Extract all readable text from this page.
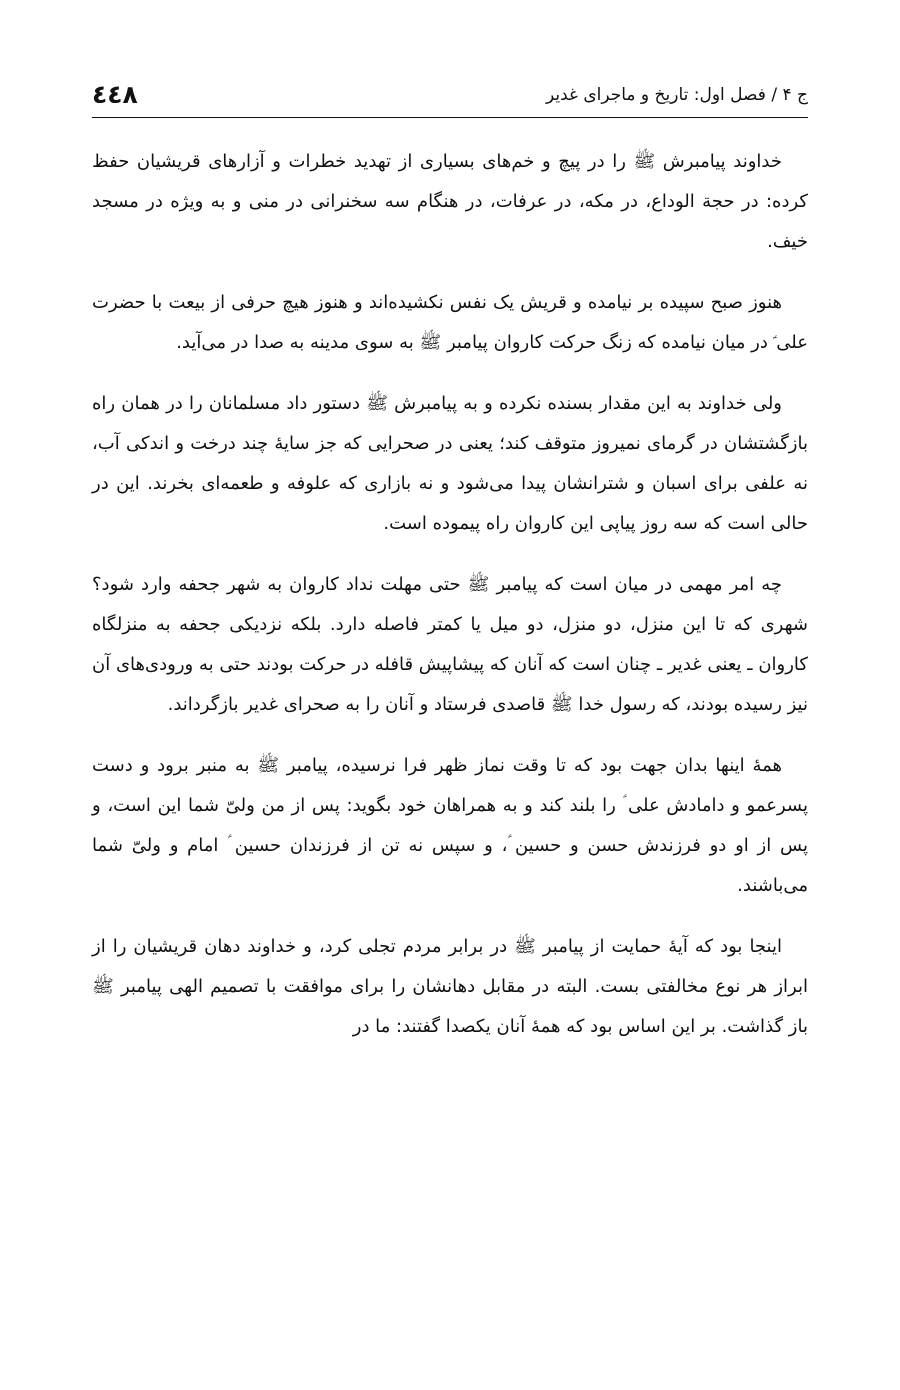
ج ۴ / فصل اول: تاریخ و ماجرای غدیر
٤٤٨

خداوند پیامبرش ﷺ را در پیچ و خم‌های بسیاری از تهدید خطرات و آزارهای قریشیان حفظ کرده: در حجة الوداع، در مکه، در عرفات، در هنگام سه سخنرانی در منی و به ویژه در مسجد خیف.

هنوز صبح سپیده بر نیامده و قریش یک نفس نکشیده‌اند و هنوز هیچ حرفی از بیعت با حضرت علی ؑ در میان نیامده که زنگ حرکت کاروان پیامبر ﷺ به سوی مدینه به صدا در می‌آید.

ولی خداوند به این مقدار بسنده نکرده و به پیامبرش ﷺ دستور داد مسلمانان را در همان راه بازگشتشان در گرمای نمیروز متوقف کند؛ یعنی در صحرایی که جز سایهٔ چند درخت و اندکی آب، نه علفی برای اسبان و شترانشان پیدا می‌شود و نه بازاری که علوفه و طعمه‌ای بخرند. این در حالی است که سه روز پیاپی این کاروان راه پیموده است.

چه امر مهمی در میان است که پیامبر ﷺ حتی مهلت نداد کاروان به شهر جحفه وارد شود؟ شهری که تا این منزل، دو منزل، دو میل یا کمتر فاصله دارد. بلکه نزدیکی جحفه به منزلگاه کاروان ـ یعنی غدیر ـ چنان است که آنان که پیشاپیش قافله در حرکت بودند حتی به ورودی‌های آن نیز رسیده بودند، که رسول خدا ﷺ قاصدی فرستاد و آنان را به صحرای غدیر بازگرداند.

همهٔ اینها بدان جهت بود که تا وقت نماز ظهر فرا نرسیده، پیامبر ﷺ به منبر برود و دست پسرعمو و دامادش علی ؑ را بلند کند و به همراهان خود بگوید: پس از من ولیّ شما این است، و پس از او دو فرزندش حسن و حسین ؑ، و سپس نه تن از فرزندان حسین ؑ امام و ولیّ شما می‌باشند.

اینجا بود که آیهٔ حمایت از پیامبر ﷺ در برابر مردم تجلی کرد، و خداوند دهان قریشیان را از ابراز هر نوع مخالفتی بست. البته در مقابل دهانشان را برای موافقت با تصمیم الهی پیامبر ﷺ باز گذاشت. بر این اساس بود که همهٔ آنان یکصدا گفتند: ما در
